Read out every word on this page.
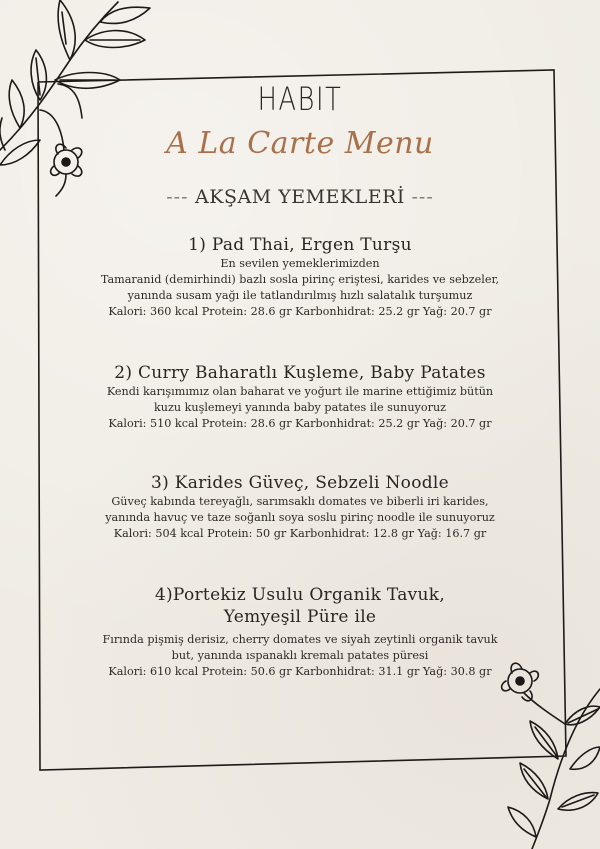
HABIT
A La Carte Menu
--- AKŞAM YEMEKLERİ ---
1) Pad Thai, Ergen Turşu
En sevilen yemeklerimizden
Tamaranid (demirhindi) bazlı sosla pirinç erіştesi, karides ve sebzeler,
yanında susam yağı ile tatlandırılmış hızlı salatalık turşumuz
Kalori: 360 kcal Protein: 28.6 gr Karbonhidrat: 25.2 gr Yağ: 20.7 gr
2) Curry Baharatlı Kuşleme, Baby Patates
Kendi karışımımız olan baharat ve yoğurt ile marine ettiğimiz bütün
kuzu kuşlemeyi yanında baby patates ile sunuyoruz
Kalori: 510 kcal Protein: 28.6 gr Karbonhidrat: 25.2 gr Yağ: 20.7 gr
3) Karides Güveç, Sebzeli Noodle
Güveç kabında tereyağlı, sarımsaklı domates ve biberli iri karides,
yanında havuç ve taze soğanlı soya soslu pirinç noodle ile sunuyoruz
Kalori: 504 kcal Protein: 50 gr Karbonhidrat: 12.8 gr Yağ: 16.7 gr
4)Portekiz Usulu Organik Tavuk,
Yemyeşil Püre ile
Fırında pişmiş derisiz, cherry domates ve siyah zeytinli organik tavuk
but, yanında ıspanaklı kremalı patates püresi
Kalori: 610 kcal Protein: 50.6 gr Karbonhidrat: 31.1 gr Yağ: 30.8 gr
